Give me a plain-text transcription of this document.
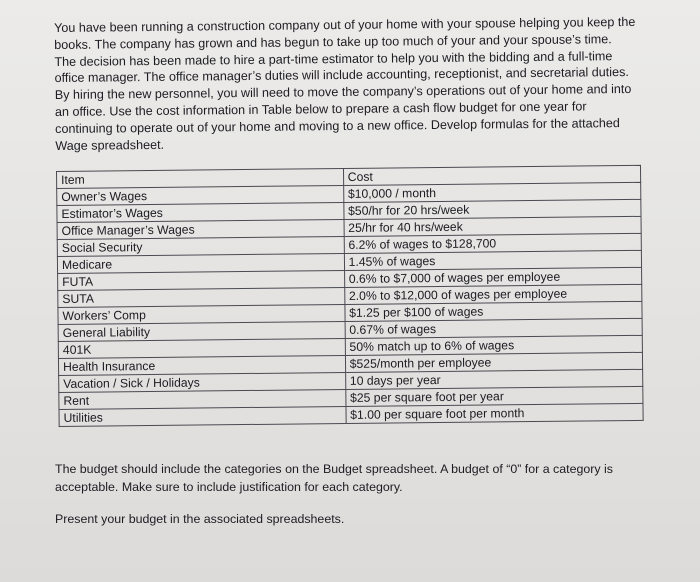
You have been running a construction company out of your home with your spouse helping you keep the books. The company has grown and has begun to take up too much of your and your spouse’s time. The decision has been made to hire a part-time estimator to help you with the bidding and a full-time office manager. The office manager’s duties will include accounting, receptionist, and secretarial duties. By hiring the new personnel, you will need to move the company’s operations out of your home and into an office. Use the cost information in Table below to prepare a cash flow budget for one year for continuing to operate out of your home and moving to a new office. Develop formulas for the attached Wage spreadsheet.

Item	Cost
Owner’s Wages	$10,000 / month
Estimator’s Wages	$50/hr for 20 hrs/week
Office Manager’s Wages	25/hr for 40 hrs/week
Social Security	6.2% of wages to $128,700
Medicare	1.45% of wages
FUTA	0.6% to $7,000 of wages per employee
SUTA	2.0% to $12,000 of wages per employee
Workers’ Comp	$1.25 per $100 of wages
General Liability	0.67% of wages
401K	50% match up to 6% of wages
Health Insurance	$525/month per employee
Vacation / Sick / Holidays	10 days per year
Rent	$25 per square foot per year
Utilities	$1.00 per square foot per month

The budget should include the categories on the Budget spreadsheet. A budget of “0” for a category is acceptable. Make sure to include justification for each category.

Present your budget in the associated spreadsheets.
